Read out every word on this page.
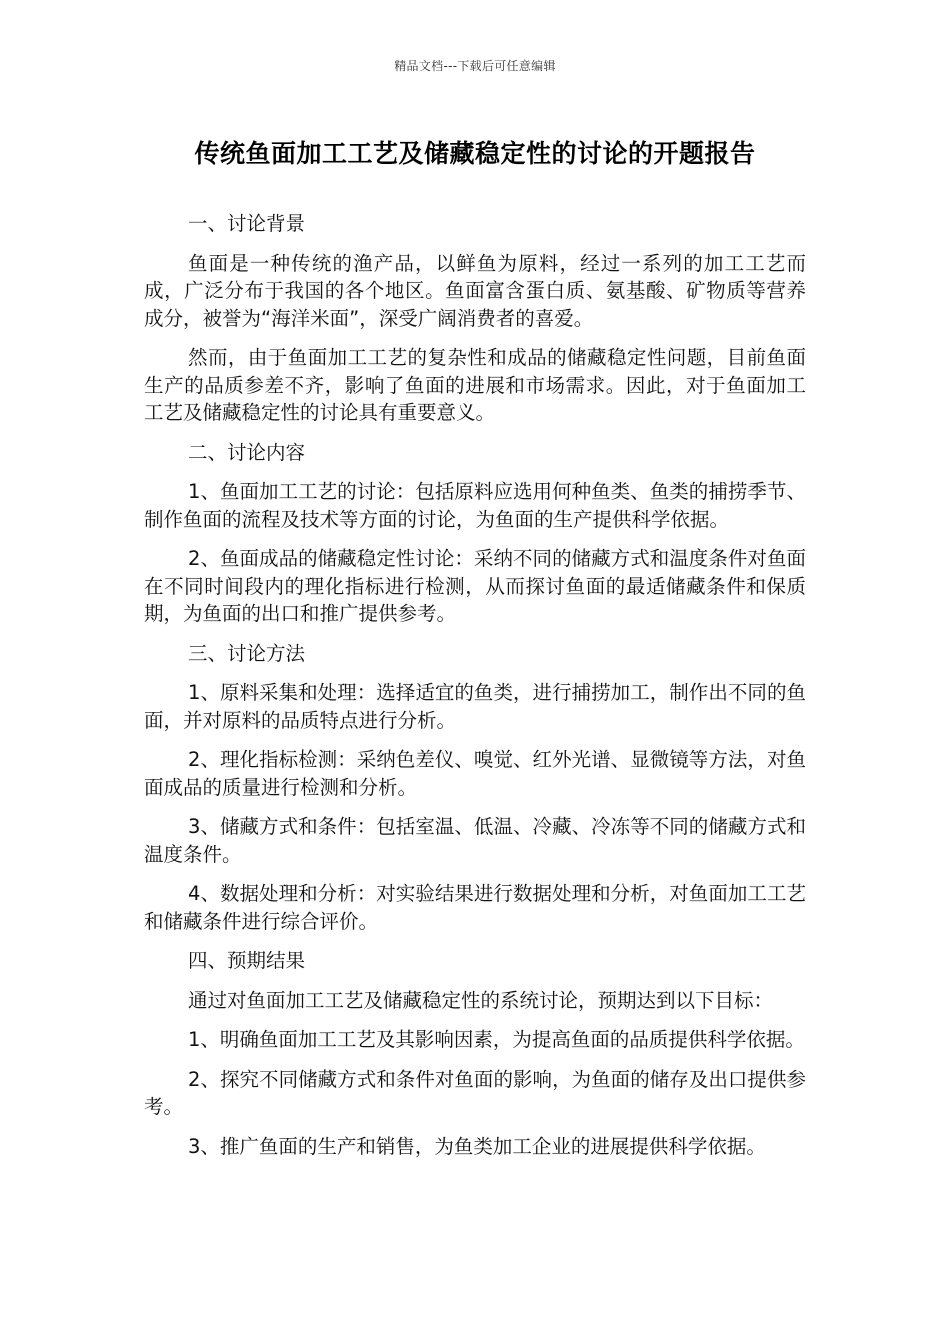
精品文档---下载后可任意编辑
传统鱼面加工工艺及储藏稳定性的讨论的开题报告

一、讨论背景

鱼面是一种传统的渔产品，以鲜鱼为原料，经过一系列的加工工艺而成，广泛分布于我国的各个地区。鱼面富含蛋白质、氨基酸、矿物质等营养成分，被誉为“海洋米面”，深受广阔消费者的喜爱。

然而，由于鱼面加工工艺的复杂性和成品的储藏稳定性问题，目前鱼面生产的品质参差不齐，影响了鱼面的进展和市场需求。因此，对于鱼面加工工艺及储藏稳定性的讨论具有重要意义。

二、讨论内容

1、鱼面加工工艺的讨论：包括原料应选用何种鱼类、鱼类的捕捞季节、制作鱼面的流程及技术等方面的讨论，为鱼面的生产提供科学依据。

2、鱼面成品的储藏稳定性讨论：采纳不同的储藏方式和温度条件对鱼面在不同时间段内的理化指标进行检测，从而探讨鱼面的最适储藏条件和保质期，为鱼面的出口和推广提供参考。

三、讨论方法

1、原料采集和处理：选择适宜的鱼类，进行捕捞加工，制作出不同的鱼面，并对原料的品质特点进行分析。

2、理化指标检测：采纳色差仪、嗅觉、红外光谱、显微镜等方法，对鱼面成品的质量进行检测和分析。

3、储藏方式和条件：包括室温、低温、冷藏、冷冻等不同的储藏方式和温度条件。

4、数据处理和分析：对实验结果进行数据处理和分析，对鱼面加工工艺和储藏条件进行综合评价。

四、预期结果

通过对鱼面加工工艺及储藏稳定性的系统讨论，预期达到以下目标：

1、明确鱼面加工工艺及其影响因素，为提高鱼面的品质提供科学依据。

2、探究不同储藏方式和条件对鱼面的影响，为鱼面的储存及出口提供参考。

3、推广鱼面的生产和销售，为鱼类加工企业的进展提供科学依据。
